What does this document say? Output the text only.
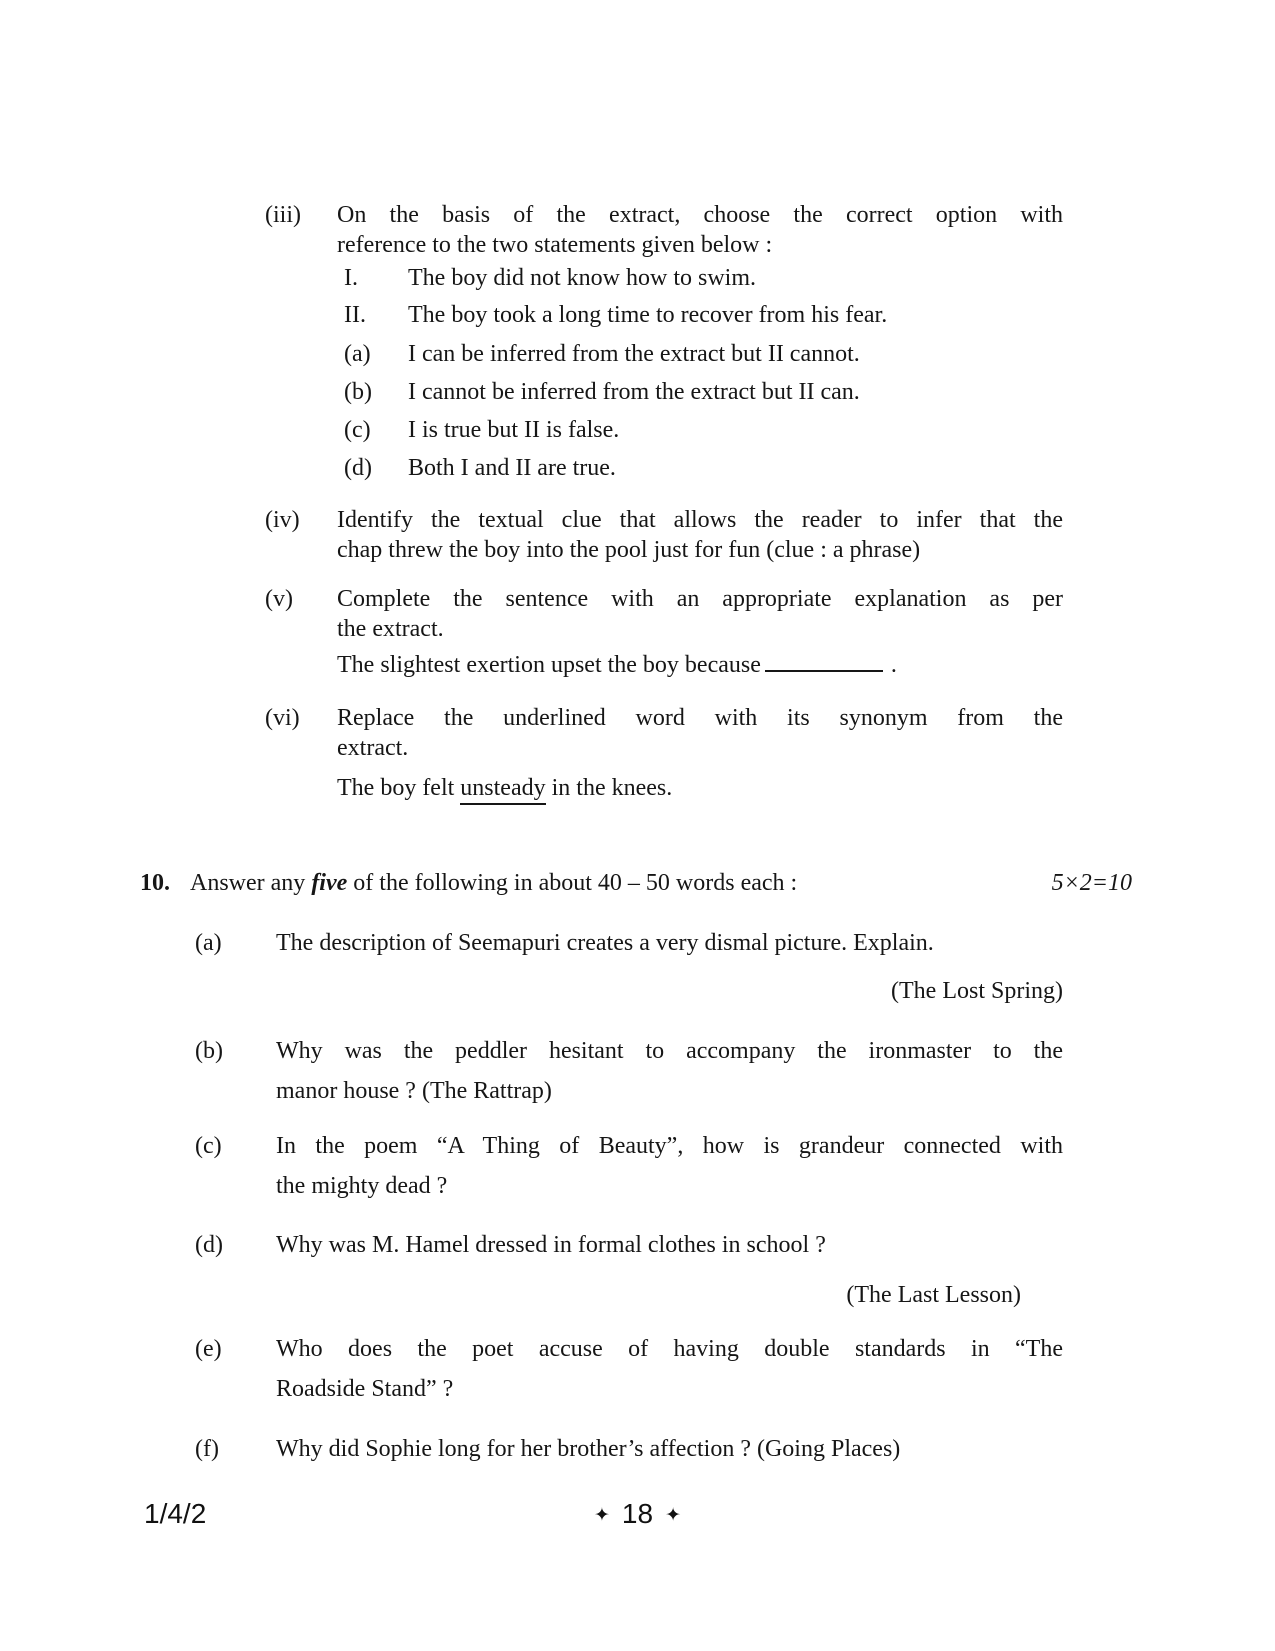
(iii)	On the basis of the extract, choose the correct option with
reference to the two statements given below :
I.	The boy did not know how to swim.
II.	The boy took a long time to recover from his fear.
(a)	I can be inferred from the extract but II cannot.
(b)	I cannot be inferred from the extract but II can.
(c)	I is true but II is false.
(d)	Both I and II are true.
(iv)	Identify the textual clue that allows the reader to infer that the
chap threw the boy into the pool just for fun (clue : a phrase)
(v)	Complete the sentence with an appropriate explanation as per
the extract.
The slightest exertion upset the boy because	.
(vi)	Replace the underlined word with its synonym from the
extract.
The boy felt unsteady in the knees.
10. Answer any five of the following in about 40 – 50 words each :	5×2=10
(a)	The description of Seemapuri creates a very dismal picture. Explain.
(The Lost Spring)
(b)	Why was the peddler hesitant to accompany the ironmaster to the
manor house ? (The Rattrap)
(c)	In the poem “A Thing of Beauty”, how is grandeur connected with
the mighty dead ?
(d)	Why was M. Hamel dressed in formal clothes in school ?
(The Last Lesson)
(e)	Who does the poet accuse of having double standards in “The
Roadside Stand” ?
(f)	Why did Sophie long for her brother’s affection ? (Going Places)
1/4/2	✦ 18 ✦
